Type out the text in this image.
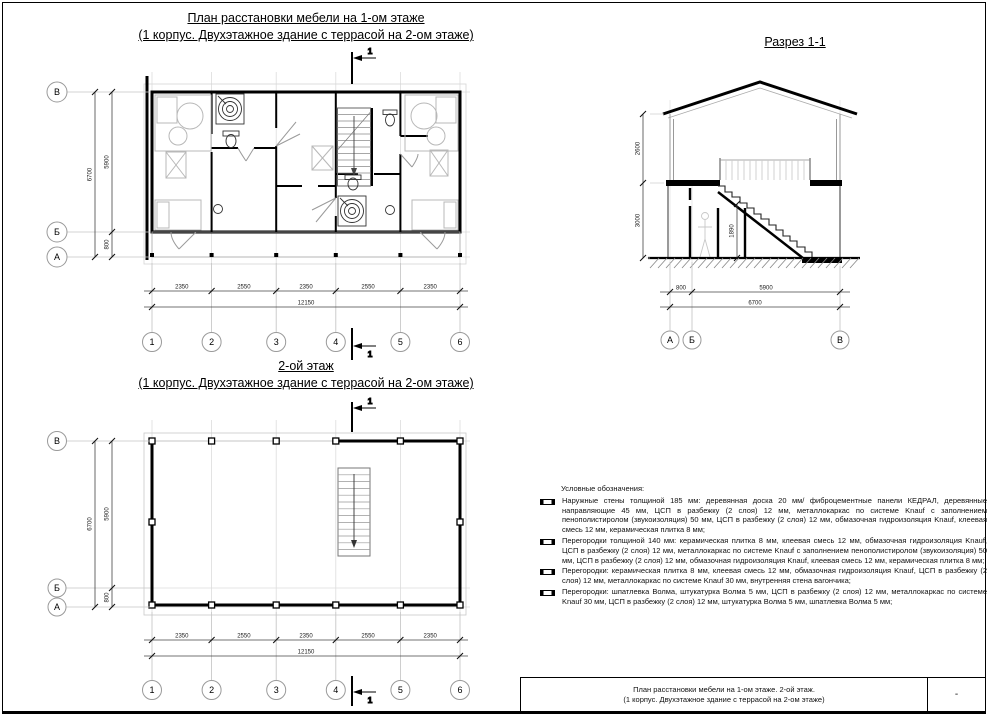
2350	2550	2350	2550	2350
12150
1	2	3	4	5	6
6700
5900
800
В
Б
А
2350	2550	2350	2550	2350
12150
1	2	3	4	5	6
6700
5900
800
В
Б
А
2600
3000
1890
800	5900
6700
А Б	В
1
1
1
1
План расстановки мебели на 1-ом этаже
(1 корпус. Двухэтажное здание с террасой на 2-ом этаже)
2-ой этаж
(1 корпус. Двухэтажное здание с террасой на 2-ом этаже)
Разрез 1-1
Условные обозначения:
Наружные стены толщиной 185 мм: деревянная доска 20 мм/ фиброцементные панели КЕДРАЛ, деревянные направляющие 45 мм, ЦСП в разбежку (2 слоя) 12 мм, металлокаркас по системе Knauf с заполнением пенополистиролом (звукоизоляция) 50 мм, ЦСП в разбежку (2 слоя) 12 мм, обмазочная гидроизоляция Knauf, клеевая смесь 12 мм, керамическая плитка 8 мм;
Перегородки толщиной 140 мм: керамическая плитка 8 мм, клеевая смесь 12 мм, обмазочная гидроизоляция Knauf, ЦСП в разбежку (2 слоя) 12 мм, металлокаркас по системе Knauf с заполнением пенополистиролом (звукоизоляция) 50 мм, ЦСП в разбежку (2 слоя) 12 мм, обмазочная гидроизоляция Knauf, клеевая смесь 12 мм, керамическая плитка 8 мм;
Перегородки: керамическая плитка 8 мм, клеевая смесь 12 мм, обмазочная гидроизоляция Knauf, ЦСП в разбежку (2 слоя) 12 мм, металлокаркас по системе Knauf 30 мм, внутренняя стена вагончика;
Перегородки: шпатлевка Волма, штукатурка Волма 5 мм, ЦСП в разбежку (2 слоя) 12 мм, металлокаркас по системе Knauf 30 мм, ЦСП в разбежку (2 слоя) 12 мм, штукатурка Волма 5 мм, шпатлевка Волма 5 мм;
План расстановки мебели на 1-ом этаже. 2-ой этаж.
(1 корпус. Двухэтажное здание с террасой на 2-ом этаже)	-
